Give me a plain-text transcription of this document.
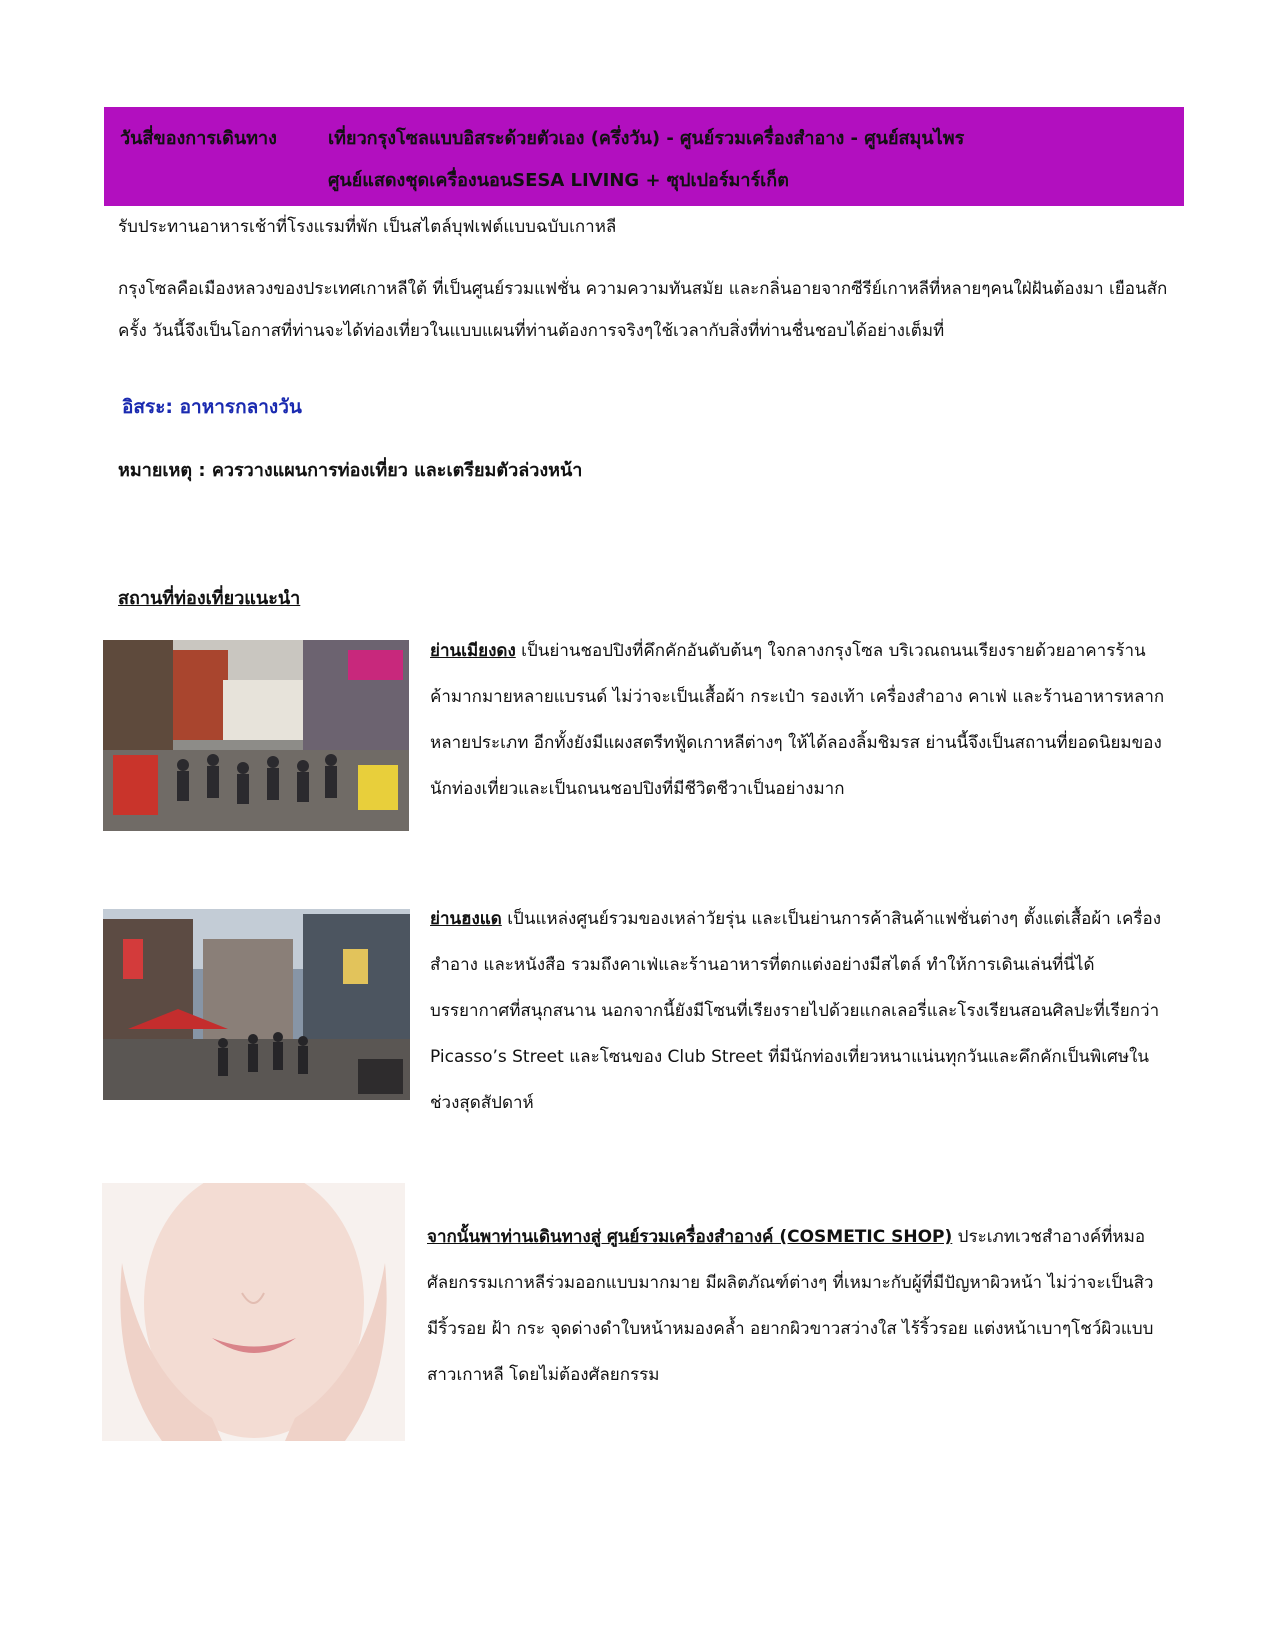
วันสี่ของการเดินทาง	เที่ยวกรุงโซลแบบอิสระด้วยตัวเอง (ครึ่งวัน) - ศูนย์รวมเครื่องสำอาง - ศูนย์สมุนไพร
ศูนย์แสดงชุดเครื่องนอนSESA LIVING + ซุปเปอร์มาร์เก็ต
รับประทานอาหารเช้าที่โรงแรมที่พัก เป็นสไตล์บุฟเฟต์แบบฉบับเกาหลี
กรุงโซลคือเมืองหลวงของประเทศเกาหลีใต้ ที่เป็นศูนย์รวมแฟชั่น ความความทันสมัย และกลิ่นอายจากซีรีย์เกาหลีที่หลายๆคนใฝ่ฝันต้องมา เยือนสักครั้ง วันนี้จึงเป็นโอกาสที่ท่านจะได้ท่องเที่ยวในแบบแผนที่ท่านต้องการจริงๆใช้เวลากับสิ่งที่ท่านชื่นชอบได้อย่างเต็มที่
อิสระ: อาหารกลางวัน
หมายเหตุ : ควรวางแผนการท่องเที่ยว และเตรียมตัวล่วงหน้า
สถานที่ท่องเที่ยวแนะนำ
ย่านเมียงดง เป็นย่านชอปปิงที่คึกคักอันดับต้นๆ ใจกลางกรุงโซล บริเวณถนนเรียงรายด้วยอาคารร้านค้ามากมายหลายแบรนด์ ไม่ว่าจะเป็นเสื้อผ้า กระเป๋า รองเท้า เครื่องสำอาง คาเฟ่ และร้านอาหารหลากหลายประเภท อีกทั้งยังมีแผงสตรีทฟู้ดเกาหลีต่างๆ ให้ได้ลองลิ้มชิมรส ย่านนี้จึงเป็นสถานที่ยอดนิยมของนักท่องเที่ยวและเป็นถนนชอปปิงที่มีชีวิตชีวาเป็นอย่างมาก
ย่านฮงแด เป็นแหล่งศูนย์รวมของเหล่าวัยรุ่น และเป็นย่านการค้าสินค้าแฟชั่นต่างๆ ตั้งแต่เสื้อผ้า เครื่องสำอาง และหนังสือ รวมถึงคาเฟ่และร้านอาหารที่ตกแต่งอย่างมีสไตล์ ทำให้การเดินเล่นที่นี่ได้บรรยากาศที่สนุกสนาน นอกจากนี้ยังมีโซนที่เรียงรายไปด้วยแกลเลอรี่และโรงเรียนสอนศิลปะที่เรียกว่า Picasso’s Street และโซนของ Club Street ที่มีนักท่องเที่ยวหนาแน่นทุกวันและคึกคักเป็นพิเศษในช่วงสุดสัปดาห์
จากนั้นพาท่านเดินทางสู่ ศูนย์รวมเครื่องสำอางค์ (COSMETIC SHOP) ประเภทเวชสำอางค์ที่หมอศัลยกรรมเกาหลีร่วมออกแบบมากมาย มีผลิตภัณฑ์ต่างๆ ที่เหมาะกับผู้ที่มีปัญหาผิวหน้า ไม่ว่าจะเป็นสิว มีริ้วรอย ฝ้า กระ จุดด่างดำใบหน้าหมองคล้ำ อยากผิวขาวสว่างใส ไร้ริ้วรอย แต่งหน้าเบาๆโชว์ผิวแบบสาวเกาหลี โดยไม่ต้องศัลยกรรม
